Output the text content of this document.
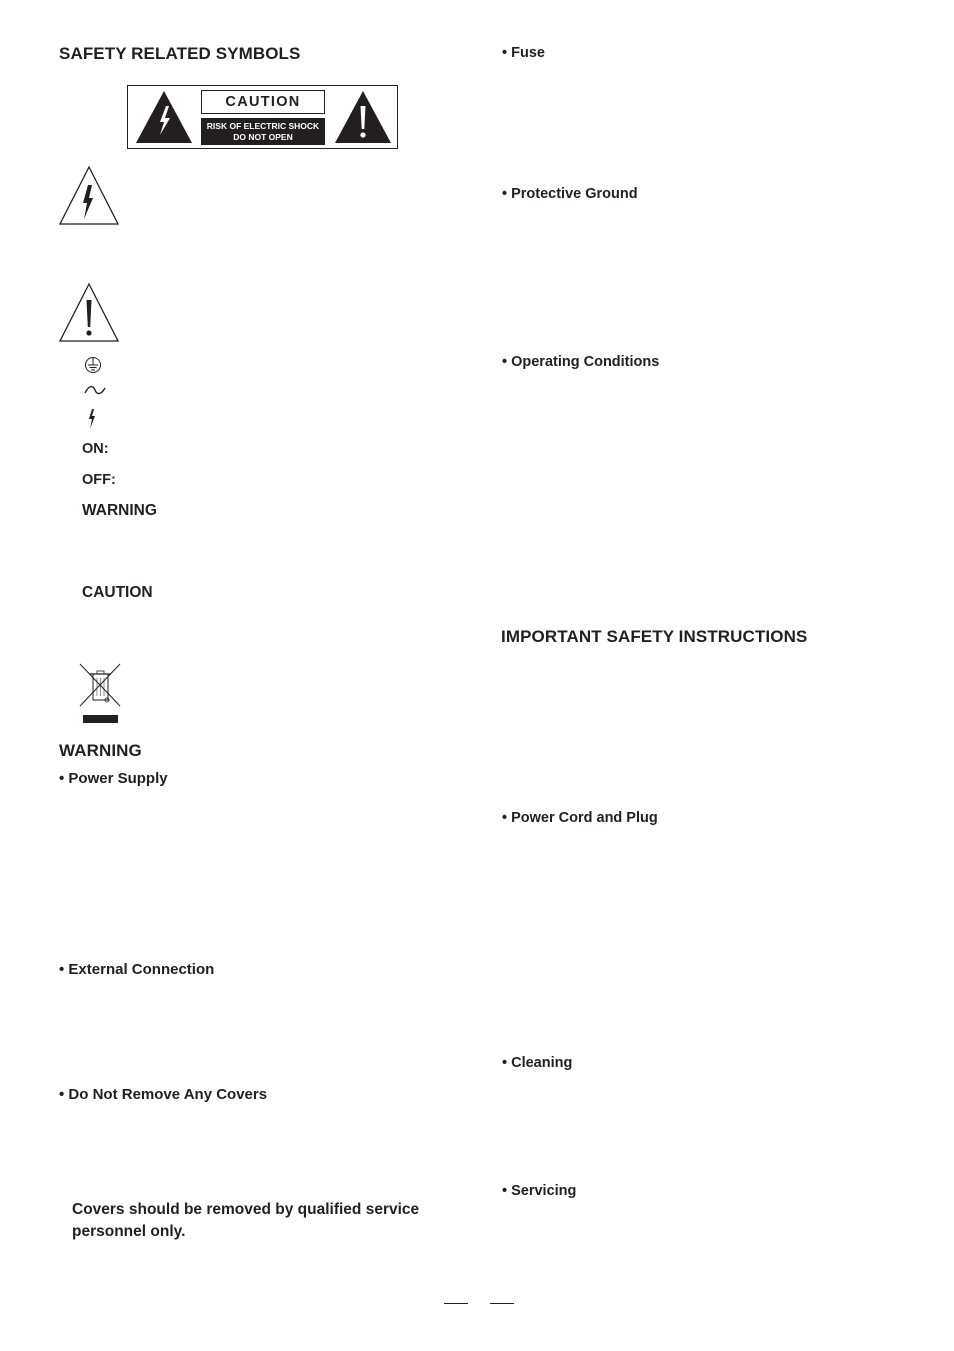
SAFETY RELATED SYMBOLS
CAUTION
RISK OF ELECTRIC SHOCK
DO NOT OPEN
ON:
OFF:
WARNING
CAUTION
WARNING
• Power Supply
• External Connection
• Do Not Remove Any Covers
Covers should be removed by qualified service
personnel only.
• Fuse
• Protective Ground
• Operating Conditions
IMPORTANT SAFETY INSTRUCTIONS
• Power Cord and Plug
• Cleaning
• Servicing
